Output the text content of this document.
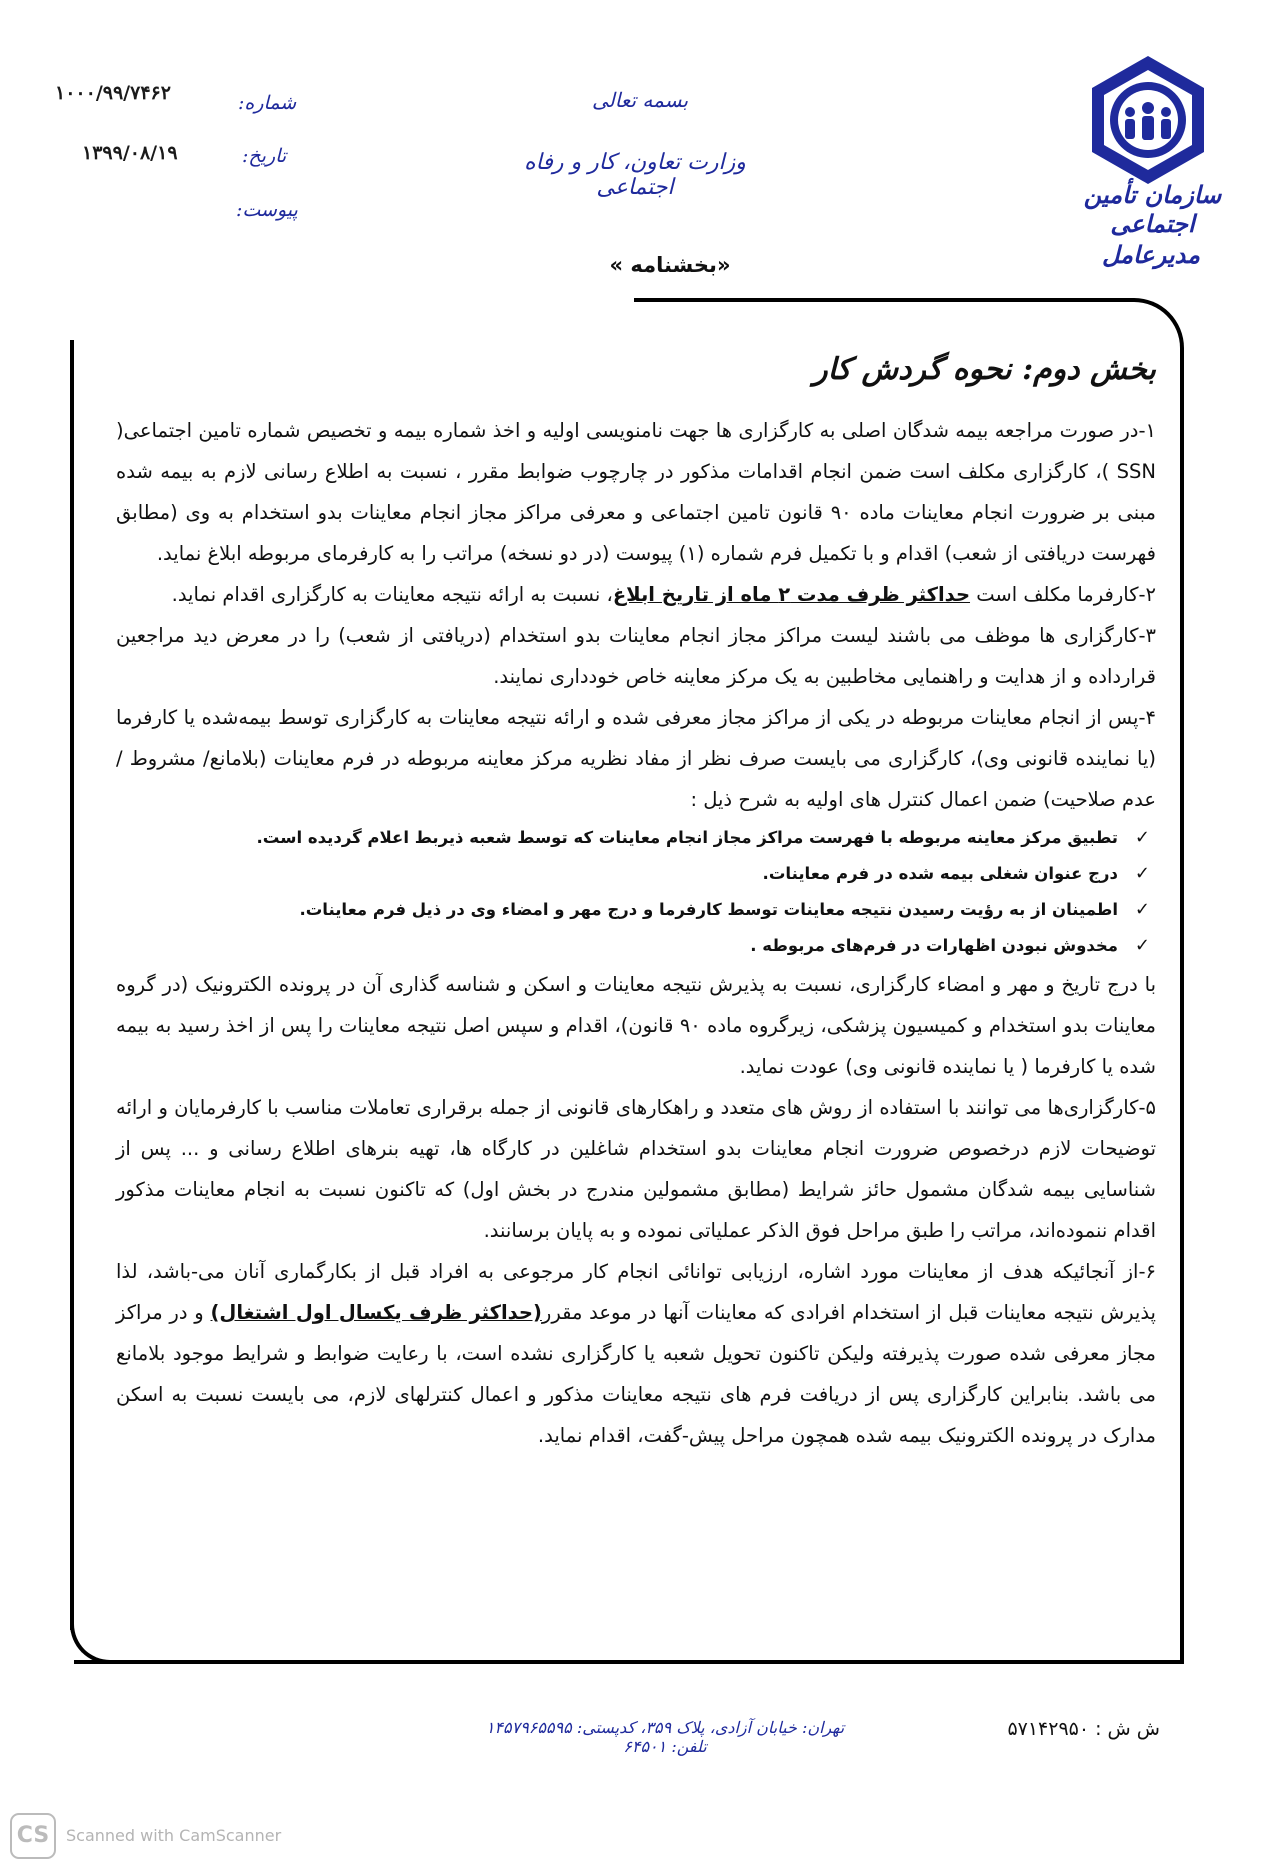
سازمان تأمین اجتماعی
مدیرعامل
بسمه تعالی
وزارت تعاون، کار و رفاه اجتماعی
شماره:
۱۰۰۰/۹۹/۷۴۶۲
تاریخ:
۱۳۹۹/۰۸/۱۹
پیوست:
«بخشنامه »
بخش دوم: نحوه گردش کار

۱-در صورت مراجعه بیمه شدگان اصلی به کارگزاری ها جهت نامنویسی اولیه و اخذ شماره بیمه و تخصیص شماره تامین اجتماعی( SSN )، کارگزاری مکلف است ضمن انجام اقدامات مذکور در چارچوب ضوابط مقرر ، نسبت به اطلاع رسانی لازم به بیمه شده مبنی بر ضرورت انجام معاینات ماده ۹۰ قانون تامین اجتماعی و معرفی مراکز مجاز انجام معاینات بدو استخدام به وی (مطابق فهرست دریافتی از شعب) اقدام و با تکمیل فرم شماره (۱) پیوست (در دو نسخه) مراتب را به کارفرمای مربوطه ابلاغ نماید.

۲-کارفرما مکلف است حداکثر ظرف مدت ۲ ماه از تاریخ ابلاغ، نسبت به ارائه نتیجه معاینات به کارگزاری اقدام نماید.

۳-کارگزاری ها موظف می باشند لیست مراکز مجاز انجام معاینات بدو استخدام (دریافتی از شعب) را در معرض دید مراجعین قرارداده و از هدایت و راهنمایی مخاطبین به یک مرکز معاینه خاص خودداری نمایند.

۴-پس از انجام معاینات مربوطه در یکی از مراکز مجاز معرفی شده و ارائه نتیجه معاینات به کارگزاری توسط بیمه‌شده یا کارفرما (یا نماینده قانونی وی)، کارگزاری می بایست صرف نظر از مفاد نظریه مرکز معاینه مربوطه در فرم معاینات (بلامانع/ مشروط / عدم صلاحیت) ضمن اعمال کنترل های اولیه به شرح ذیل :

✓
تطبیق مرکز معاینه مربوطه با فهرست مراکز مجاز انجام معاینات که توسط شعبه ذیربط اعلام گردیده است.
✓
درج عنوان شغلی بیمه شده در فرم معاینات.
✓
اطمینان از به رؤیت رسیدن نتیجه معاینات توسط کارفرما و درج مهر و امضاء وی در ذیل فرم معاینات.
✓
مخدوش نبودن اظهارات در فرم‌های مربوطه .

با درج تاریخ و مهر و امضاء کارگزاری، نسبت به پذیرش نتیجه معاینات و اسکن و شناسه گذاری آن در پرونده الکترونیک (در گروه معاینات بدو استخدام و کمیسیون پزشکی، زیرگروه ماده ۹۰ قانون)، اقدام و سپس اصل نتیجه معاینات را پس از اخذ رسید به بیمه شده یا کارفرما ( یا نماینده قانونی وی) عودت نماید.

۵-کارگزاری‌ها می توانند با استفاده از روش های متعدد و راهکارهای قانونی از جمله برقراری تعاملات مناسب با کارفرمایان و ارائه توضیحات لازم درخصوص ضرورت انجام معاینات بدو استخدام شاغلین در کارگاه ها، تهیه بنرهای اطلاع رسانی و ... پس از شناسایی بیمه شدگان مشمول حائز شرایط (مطابق مشمولین مندرج در بخش اول) که تاکنون نسبت به انجام معاینات مذکور اقدام ننموده‌اند، مراتب را طبق مراحل فوق الذکر عملیاتی نموده و به پایان برسانند.

۶-از آنجائیکه هدف از معاینات مورد اشاره، ارزیابی توانائی انجام کار مرجوعی به افراد قبل از بکارگماری آنان می-باشد، لذا پذیرش نتیجه معاینات قبل از استخدام افرادی که معاینات آنها در موعد مقرر(حداکثر ظرف یکسال اول اشتغال) و در مراکز مجاز معرفی شده صورت پذیرفته ولیکن تاکنون تحویل شعبه یا کارگزاری نشده است، با رعایت ضوابط و شرایط موجود بلامانع می باشد. بنابراین کارگزاری پس از دریافت فرم های نتیجه معاینات مذکور و اعمال کنترلهای لازم، می بایست نسبت به اسکن مدارک در پرونده الکترونیک بیمه شده همچون مراحل پیش-گفت، اقدام نماید.

تهران: خیابان آزادی، پلاک ۳۵۹، کدپستی: ۱۴۵۷۹۶۵۵۹۵ تلفن: ۶۴۵۰۱
ش ش : ۵۷۱۴۲۹۵۰
CS	Scanned with CamScanner
